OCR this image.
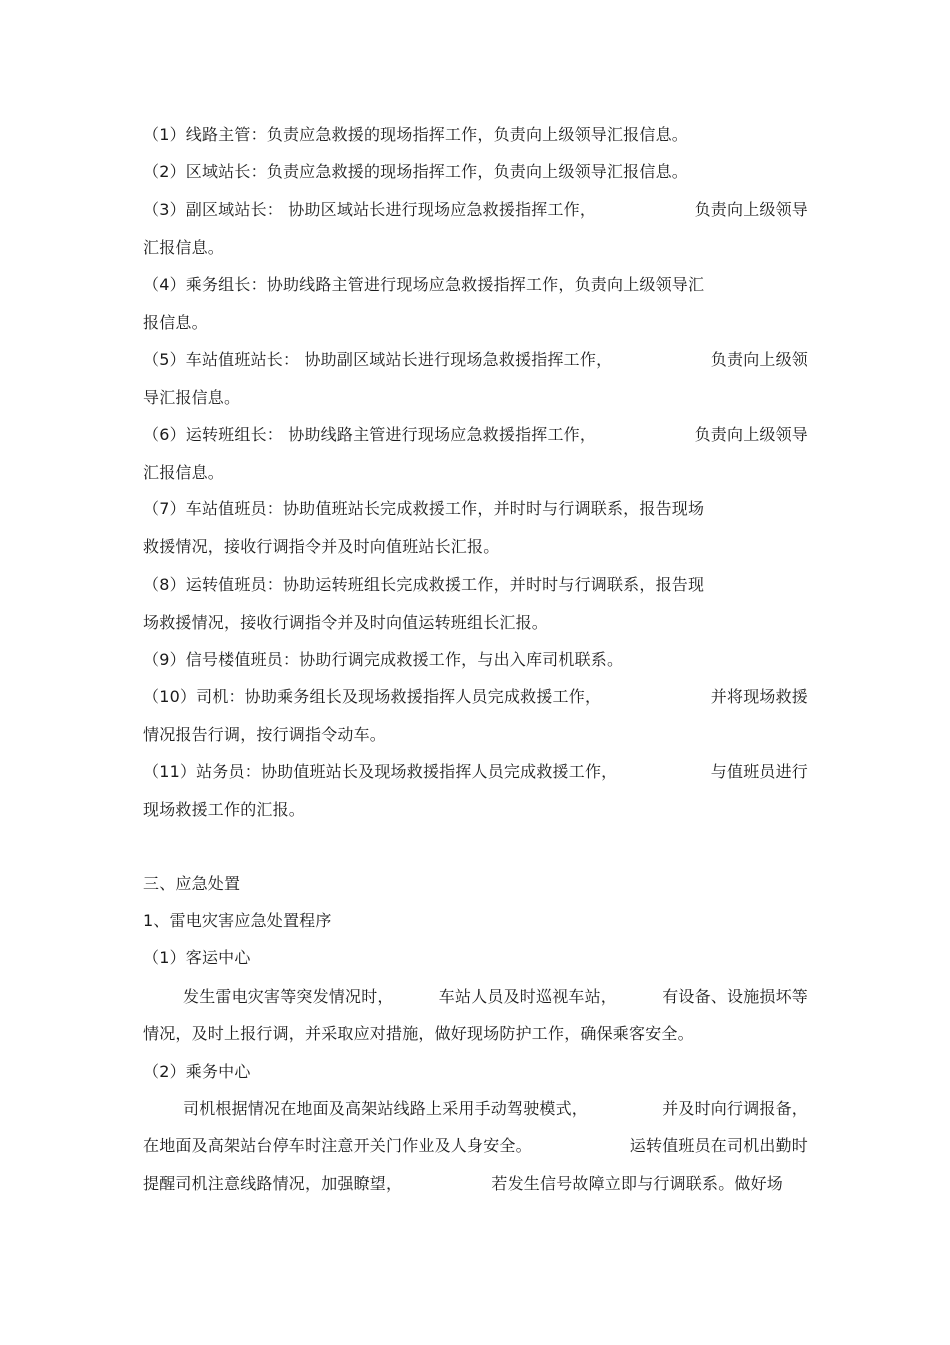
（1）线路主管：负责应急救援的现场指挥工作，负责向上级领导汇报信息。
（2）区域站长：负责应急救援的现场指挥工作，负责向上级领导汇报信息。
（3）副区域站长： 协助区域站长进行现场应急救援指挥工作，	负责向上级领导
汇报信息。
（4）乘务组长：协助线路主管进行现场应急救援指挥工作，负责向上级领导汇
报信息。
（5）车站值班站长： 协助副区域站长进行现场急救援指挥工作，	负责向上级领
导汇报信息。
（6）运转班组长： 协助线路主管进行现场应急救援指挥工作，	负责向上级领导
汇报信息。
（7）车站值班员：协助值班站长完成救援工作，并时时与行调联系，报告现场
救援情况，接收行调指令并及时向值班站长汇报。
（8）运转值班员：协助运转班组长完成救援工作，并时时与行调联系，报告现
场救援情况，接收行调指令并及时向值运转班组长汇报。
（9）信号楼值班员：协助行调完成救援工作，与出入库司机联系。
（10）司机：协助乘务组长及现场救援指挥人员完成救援工作，	并将现场救援
情况报告行调，按行调指令动车。
（11）站务员：协助值班站长及现场救援指挥人员完成救援工作，	与值班员进行
现场救援工作的汇报。
三、应急处置
1、雷电灾害应急处置程序
（1）客运中心
发生雷电灾害等突发情况时，	车站人员及时巡视车站，	有设备、设施损坏等
情况，及时上报行调，并采取应对措施，做好现场防护工作，确保乘客安全。
（2）乘务中心
司机根据情况在地面及高架站线路上采用手动驾驶模式，	并及时向行调报备，
在地面及高架站台停车时注意开关门作业及人身安全。	运转值班员在司机出勤时
提醒司机注意线路情况，加强瞭望，	若发生信号故障立即与行调联系。做好场
